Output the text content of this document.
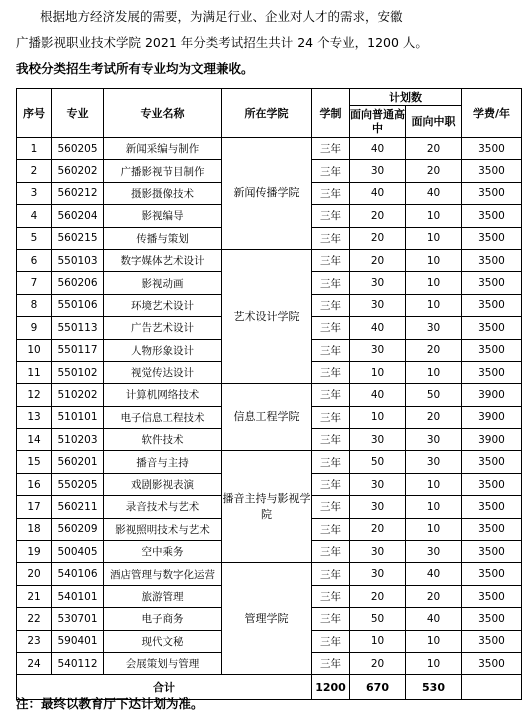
根据地方经济发展的需要，为满足行业、企业对人才的需求，安徽

广播影视职业技术学院 2021 年分类考试招生共计 24 个专业，1200 人。

我校分类招生考试所有专业均为文理兼收。

序号	专业	专业名称	所在学院	学制	计划数		学费/年
					面向普通高中	面向中职	
1	560205	新闻采编与制作	新闻传播学院	三年	40	20	3500
2	560202	广播影视节目制作		三年	30	20	3500
3	560212	摄影摄像技术		三年	40	40	3500
4	560204	影视编导		三年	20	10	3500
5	560215	传播与策划		三年	20	10	3500
6	550103	数字媒体艺术设计	艺术设计学院	三年	20	10	3500
7	560206	影视动画		三年	30	10	3500
8	550106	环境艺术设计		三年	30	10	3500
9	550113	广告艺术设计		三年	40	30	3500
10	550117	人物形象设计		三年	30	20	3500
11	550102	视觉传达设计		三年	10	10	3500
12	510202	计算机网络技术	信息工程学院	三年	40	50	3900
13	510101	电子信息工程技术		三年	10	20	3900
14	510203	软件技术		三年	30	30	3900
15	560201	播音与主持	播音主持与影视学院	三年	50	30	3500
16	550205	戏剧影视表演		三年	30	10	3500
17	560211	录音技术与艺术		三年	30	10	3500
18	560209	影视照明技术与艺术		三年	20	10	3500
19	500405	空中乘务		三年	30	30	3500
20	540106	酒店管理与数字化运营	管理学院	三年	30	40	3500
21	540101	旅游管理		三年	20	20	3500
22	530701	电子商务		三年	50	40	3500
23	590401	现代文秘		三年	10	10	3500
24	540112	会展策划与管理		三年	20	10	3500
合计				1200	670	530	
注：最终以教育厅下达计划为准。
